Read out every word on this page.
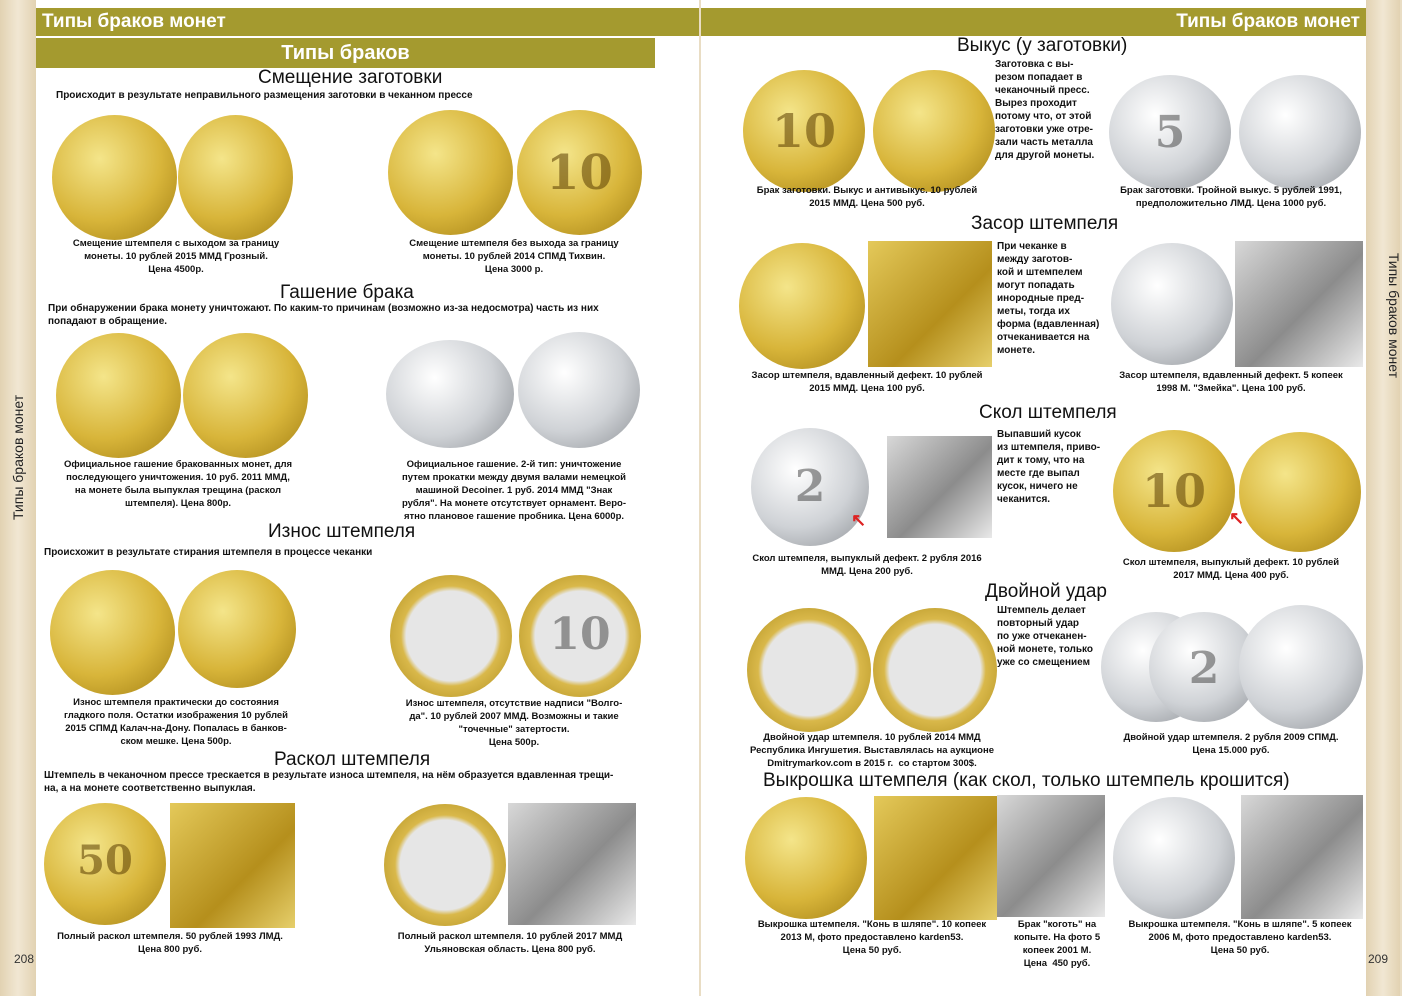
Типы браков монет
Типы браков
Типы браков монет
208
Смещение заготовки
Происходит в результате неправильного размещения заготовки в чеканном прессе
Смещение штемпеля с выходом за границу
монеты. 10 рублей 2015 ММД Грозный.
Цена 4500р.
10
Смещение штемпеля без выхода за границу
монеты. 10 рублей 2014 СПМД Тихвин.
Цена 3000 р.
Гашение брака
При обнаружении брака монету уничтожают. По каким-то причинам (возможно из-за недосмотра) часть из них
попадают в обращение.
Официальное гашение бракованных монет, для
последующего уничтожения. 10 руб. 2011 ММД,
на монете была выпуклая трещина (раскол
штемпеля). Цена 800р.
Официальное гашение. 2-й тип: уничтожение
путем прокатки между двумя валами немецкой
машиной Decoiner. 1 руб. 2014 ММД "Знак
рубля". На монете отсутствует орнамент. Веро-
ятно плановое гашение пробника. Цена 6000р.
Износ штемпеля
Происхожит в результате стирания штемпеля в процессе чеканки
Износ штемпеля практически до состояния
гладкого поля. Остатки изображения 10 рублей
2015 СПМД Калач-на-Дону. Попалась в банков-
ском мешке. Цена 500р.
10
Износ штемпеля, отсутствие надписи "Волго-
да". 10 рублей 2007 ММД. Возможны и такие
"точечные" затертости.
Цена 500р.
Раскол штемпеля
Штемпель в чеканочном прессе трескается в результате износа штемпеля, на нём образуется вдавленная трещи-
на, а на монете соответственно выпуклая.
50
Полный раскол штемпеля. 50 рублей 1993 ЛМД.
Цена 800 руб.
Полный раскол штемпеля. 10 рублей 2017 ММД
Ульяновская область. Цена 800 руб.
Типы браков монет
Типы браков монет
209
Выкус (у заготовки)
10
Заготовка с вы-
резом попадает в
чеканочный пресс.
Вырез проходит
потому что, от этой
заготовки уже отре-
зали часть металла
для другой монеты.
Брак заготовки. Выкус и антивыкус. 10 рублей
2015 ММД. Цена 500 руб.
5
Брак заготовки. Тройной выкус. 5 рублей 1991,
предположительно ЛМД. Цена 1000 руб.
Засор штемпеля
При чеканке в
между заготов-
кой и штемпелем
могут попадать
инородные пред-
меты, тогда их
форма (вдавленная)
отчеканивается на
монете.
Засор штемпеля, вдавленный дефект. 10 рублей
2015 ММД. Цена 100 руб.
Засор штемпеля, вдавленный дефект. 5 копеек
1998 М. "Змейка". Цена 100 руб.
Скол штемпеля
2
↖
Выпавший кусок
из штемпеля, приво-
дит к тому, что на
месте где выпал
кусок, ничего не
чеканится.
Скол штемпеля, выпуклый дефект. 2 рубля 2016
ММД. Цена 200 руб.
10	↖
Скол штемпеля, выпуклый дефект. 10 рублей
2017 ММД. Цена 400 руб.
Двойной удар
Штемпель делает
повторный удар
по уже отчеканен-
ной монете, только
уже со смещением
Двойной удар штемпеля. 10 рублей 2014 ММД
Республика Ингушетия. Выставлялась на аукционе
Dmitrymarkov.com в 2015 г.  со стартом 300$.
2
Двойной удар штемпеля. 2 рубля 2009 СПМД.
Цена 15.000 руб.
Выкрошка штемпеля (как скол, только штемпель крошится)
Выкрошка штемпеля. "Конь в шляпе". 10 копеек
2013 М, фото предоставлено karden53.
Цена 50 руб.
Брак "коготь" на
копыте. На фото 5
копеек 2001 М.
Цена  450 руб.
Выкрошка штемпеля. "Конь в шляпе". 5 копеек
2006 М, фото предоставлено karden53.
Цена 50 руб.
